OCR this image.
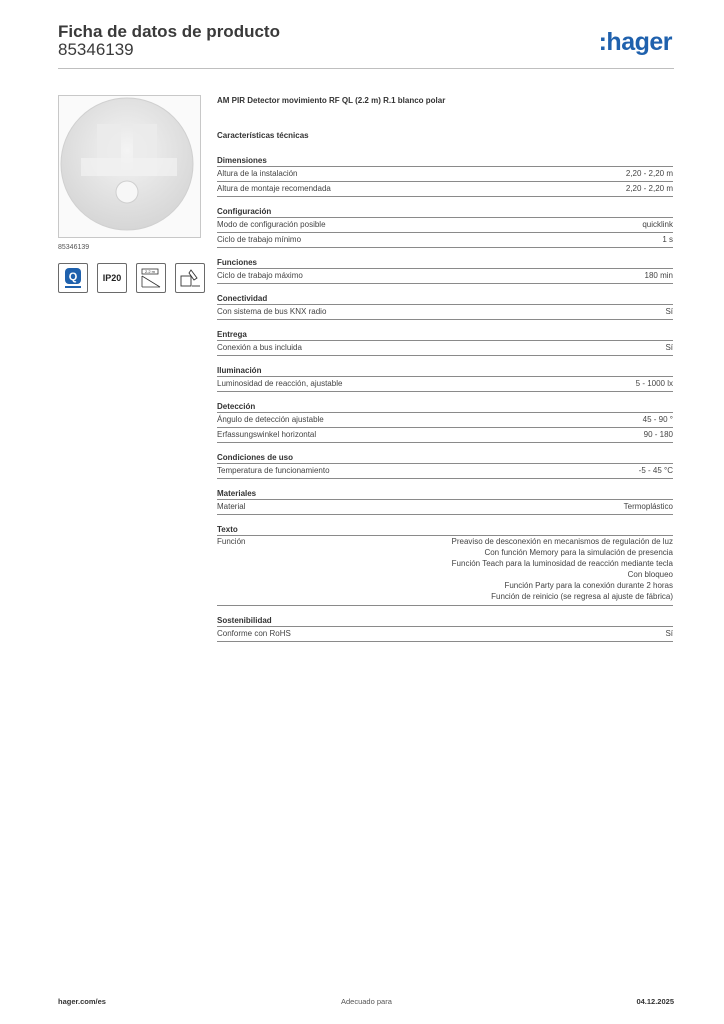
Ficha de datos de producto
85346139	:hager
85346139
Q	IP20
2.2 m
AM PIR Detector movimiento RF QL (2.2 m) R.1 blanco polar
Características técnicas
Dimensiones
Altura de la instalación	2,20 - 2,20 m
Altura de montaje recomendada	2,20 - 2,20 m
Configuración
Modo de configuración posible	quicklink
Ciclo de trabajo mínimo	1 s
Funciones
Ciclo de trabajo máximo	180 min
Conectividad
Con sistema de bus KNX radio	Sí
Entrega
Conexión a bus incluida	Sí
Iluminación
Luminosidad de reacción, ajustable	5 - 1000 lx
Detección
Ángulo de detección ajustable	45 - 90 °
Erfassungswinkel horizontal	90 - 180
Condiciones de uso
Temperatura de funcionamiento	-5 - 45 °C
Materiales
Material	Termoplástico
Texto
Función	Preaviso de desconexión en mecanismos de regulación de luz
Con función Memory para la simulación de presencia
Función Teach para la luminosidad de reacción mediante tecla
Con bloqueo
Función Party para la conexión durante 2 horas
Función de reinicio (se regresa al ajuste de fábrica)
Sostenibilidad
Conforme con RoHS	Sí
hager.com/es	Adecuado para	04.12.2025
